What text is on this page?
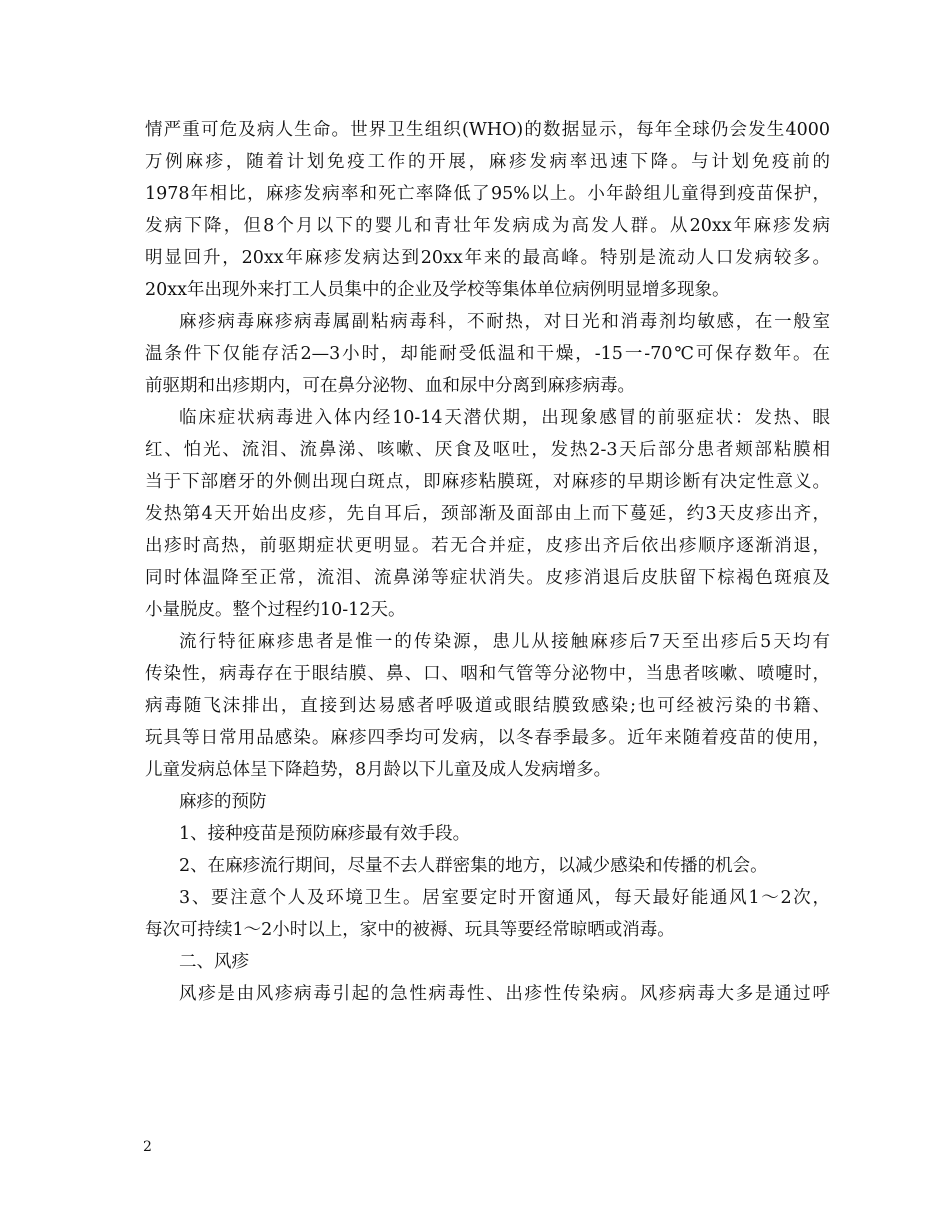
情严重可危及病人生命。世界卫生组织(WHO)的数据显示，每年全球仍会发生4000
万例麻疹，随着计划免疫工作的开展，麻疹发病率迅速下降。与计划免疫前的
1978年相比，麻疹发病率和死亡率降低了95%以上。小年龄组儿童得到疫苗保护，
发病下降，但8个月以下的婴儿和青壮年发病成为高发人群。从20xx年麻疹发病
明显回升，20xx年麻疹发病达到20xx年来的最高峰。特别是流动人口发病较多。
20xx年出现外来打工人员集中的企业及学校等集体单位病例明显增多现象。
麻疹病毒麻疹病毒属副粘病毒科，不耐热，对日光和消毒剂均敏感，在一般室
温条件下仅能存活2—3小时，却能耐受低温和干燥，-15一-70℃可保存数年。在
前驱期和出疹期内，可在鼻分泌物、血和尿中分离到麻疹病毒。
临床症状病毒进入体内经10-14天潜伏期，出现象感冒的前驱症状：发热、眼
红、怕光、流泪、流鼻涕、咳嗽、厌食及呕吐，发热2-3天后部分患者颊部粘膜相
当于下部磨牙的外侧出现白斑点，即麻疹粘膜斑，对麻疹的早期诊断有决定性意义。
发热第4天开始出皮疹，先自耳后，颈部渐及面部由上而下蔓延，约3天皮疹出齐，
出疹时高热，前驱期症状更明显。若无合并症，皮疹出齐后依出疹顺序逐渐消退，
同时体温降至正常，流泪、流鼻涕等症状消失。皮疹消退后皮肤留下棕褐色斑痕及
小量脱皮。整个过程约10-12天。
流行特征麻疹患者是惟一的传染源，患儿从接触麻疹后7天至出疹后5天均有
传染性，病毒存在于眼结膜、鼻、口、咽和气管等分泌物中，当患者咳嗽、喷嚏时，
病毒随飞沫排出，直接到达易感者呼吸道或眼结膜致感染;也可经被污染的书籍、
玩具等日常用品感染。麻疹四季均可发病，以冬春季最多。近年来随着疫苗的使用，
儿童发病总体呈下降趋势，8月龄以下儿童及成人发病增多。
麻疹的预防
1、接种疫苗是预防麻疹最有效手段。
2、在麻疹流行期间，尽量不去人群密集的地方，以减少感染和传播的机会。
3、要注意个人及环境卫生。居室要定时开窗通风，每天最好能通风1～2次，
每次可持续1～2小时以上，家中的被褥、玩具等要经常晾晒或消毒。
二、风疹
风疹是由风疹病毒引起的急性病毒性、出疹性传染病。风疹病毒大多是通过呼
2
